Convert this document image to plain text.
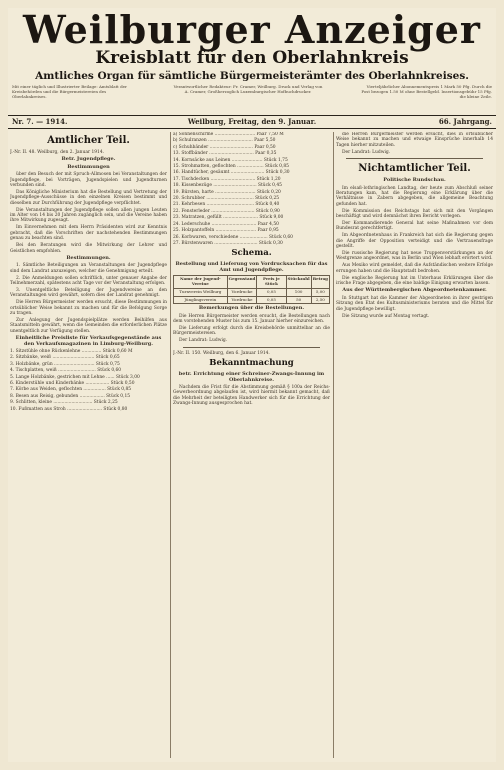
Weilburger Anzeiger
Kreisblatt für den Oberlahnkreis
Amtliches Organ für sämtliche Bürgermeisterämter des Oberlahnkreises.
Mit einer täglich und Illustrierter Beilage: Amtsblatt der Kreisbehörden und die Bürgermeistereien des Oberlahnkreises.
Verantwortlicher Redakteur: Fr. Cramer, Weilburg. Druck und Verlag von A. Cramer, Großherzoglich Luxemburgischer Hofbuchdrucker.
Vierteljährlicher Abonnementspreis 1 Mark 50 Pfg. Durch die Post bezogen 1.50 M ohne Bestellgeld. Insertionsgebühr 15 Pfg. die kleine Zeile.
Weilburg, Freitag, den 9. Januar.
Nr. 7. — 1914.	66. Jahrgang.
Amtlicher Teil.
J.-Nr. II. 48. Weilburg, den 2. Januar 1914.
Betr. Jugendpflege.
Bestimmungen
über den Besuch der mit Spruch-Allmosen bei Veranstaltungen der Jugendpflege, bei Vorträgen, Jugendspielen und Jugendturnen verbunden sind.
Das Königliche Ministerium hat die Bestellung und Vertretung der Jugendpflege-Ausschüsse in den einzelnen Kreisen bestimmt und dieselben zur Durchführung der Jugendpflege verpflichtet.
Die Veranstaltungen der Jugendpflege sollen allen jungen Leuten im Alter von 14 bis 20 Jahren zugänglich sein, und die Vereine haben ihre Mitwirkung zugesagt.
Im Einvernehmen mit dem Herrn Präsidenten wird zur Kenntnis gebracht, daß die Vorschriften der nachstehenden Bestimmungen genau zu beachten sind.
Bei den Beratungen wird die Mitwirkung der Lehrer und Geistlichen empfohlen.
Bestimmungen.
1. Sämtliche Beteiligungen an Veranstaltungen der Jugendpflege sind dem Landrat anzuzeigen, welcher die Genehmigung erteilt.
2. Die Anmeldungen sollen schriftlich, unter genauer Angabe der Teilnehmerzahl, spätestens acht Tage vor der Veranstaltung erfolgen.
3. Unentgeltliche Beteiligung der Jugendvereine an den Veranstaltungen wird gewährt, sofern dies der Landrat genehmigt.
Die Herren Bürgermeister werden ersucht, diese Bestimmungen in ortsüblicher Weise bekannt zu machen und für die Befolgung Sorge zu tragen.
Zur Anlegung der Jugendspielplätze werden Beihilfen aus Staatsmitteln gewährt, wenn die Gemeinden die erforderlichen Plätze unentgeltlich zur Verfügung stellen.
Einheitliche Preisliste für Verkaufsgegenstände aus den Verkaufsmagazinen in Limburg-Weilburg.
1. Sitzstühle ohne Rückenlehne .............. Stück 0,60 M
2. Sitzbänke, weiß .............................. Stück 0,65
3. Holzbänke, grün ............................. Stück 0,75
4. Tischplatten, weiß ........................... Stück 0,60
5. Lange Holzbänke, gestrichen mit Lehne ...... Stück 3,00
6. Kinderstühle und Kinderbänke ................. Stück 0,50
7. Körbe aus Weiden, geflochten ................ Stück 0,85
8. Besen aus Reisig, gebunden .................. Stück 0,15
9. Schlitten, kleine ............................ Stück 2,25
10. Fußmatten aus Stroh ......................... Stück 0,80
a) Sonnenschirme ............................. Paar 7,50 M
b) Schulranzen ................................ Paar 5,50
c) Schuhbänder ............................... Paar 0,50
13. Stoffbänder ................................ Paar 0,35
14. Kornsäcke aus Leinen ...................... Stück 1,75
15. Strohmatten, geflochten ................... Stück 0,85
16. Handtücher, gesäumt ........................ Stück 0,30
17. Tischdecken ................................ Stück 1,20
18. Kissenbezüge ............................... Stück 0,45
19. Bürsten, harte ............................. Stück 0,20
20. Schrubber .................................. Stück 0,25
21. Kehrbesen .................................. Stück 0,40
22. Fensterleder ............................... Stück 0,90
23. Matratzen, gefüllt ......................... Stück 9,00
24. Lederschuhe ................................ Paar 4,50
25. Holzpantoffeln ............................. Paar 0,95
26. Korbwaren, verschiedene .................... Stück 0,60
27. Bürstenwaren ............................... Stück 0,30
Schema.
Bestellung und Lieferung von Vordrucksachen für das Amt und Jugendpflege.
Name der Jugend-Vereine	Gegenstand	Preis je Stück	Stückzahl	Betrag
Turnverein Weilburg	Vordrucke	0,05	100	5,00
Jünglingsverein	Vordrucke	0,05	50	2,50
Bemerkungen über die Bestellungen.
Die Herren Bürgermeister werden ersucht, die Bestellungen nach dem vorstehenden Muster bis zum 15. Januar hierher einzureichen.
Die Lieferung erfolgt durch die Kreisbehörde unmittelbar an die Bürgermeistereien.
Der Landrat: Ludwig.
J.-Nr. II. 150. Weilburg, den 6. Januar 1914.
Bekanntmachung
betr. Errichtung einer Schreiner-Zwangs-Innung im Oberlahnkreise.
Nachdem die Frist für die Abstimmung gemäß § 100a der Reichs-Gewerbeordnung abgelaufen ist, wird hiermit bekannt gemacht, daß die Mehrheit der beteiligten Handwerker sich für die Errichtung der Zwangs-Innung ausgesprochen hat.
die Herren Bürgermeister werden ersucht, dies in ortsüblicher Weise bekannt zu machen und etwaige Einsprüche innerhalb 14 Tagen hierher mitzuteilen.
Der Landrat: Ludwig.
Nichtamtlicher Teil.
Politische Rundschau.
Im elsaß-lothringischen Landtag, der heute zum Abschluß seiner Beratungen kam, hat die Regierung eine Erklärung über die Verhältnisse in Zabern abgegeben, die allgemeine Beachtung gefunden hat.
Die Kommission des Reichstags hat sich mit den Vorgängen beschäftigt und wird demnächst ihren Bericht vorlegen.
Der Kommandierende General hat seine Maßnahmen vor dem Bundesrat gerechtfertigt.
Im Abgeordnetenhaus in Frankreich hat sich die Regierung gegen die Angriffe der Opposition verteidigt und die Vertrauensfrage gestellt.
Die russische Regierung hat neue Truppenverstärkungen an der Westgrenze angeordnet, was in Berlin und Wien lebhaft erörtert wird.
Aus Mexiko wird gemeldet, daß die Aufständischen weitere Erfolge errungen haben und die Hauptstadt bedrohen.
Die englische Regierung hat im Unterhaus Erklärungen über die irische Frage abgegeben, die eine baldige Einigung erwarten lassen.
Aus der Württembergischen Abgeordnetenkammer.
In Stuttgart hat die Kammer der Abgeordneten in ihrer gestrigen Sitzung den Etat des Kultusministeriums beraten und die Mittel für die Jugendpflege bewilligt.
Die Sitzung wurde auf Montag vertagt.
